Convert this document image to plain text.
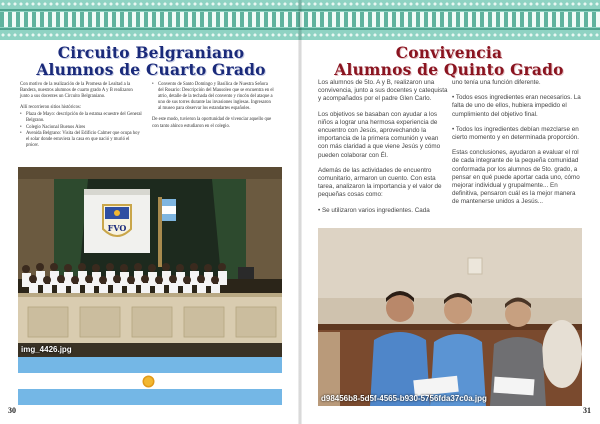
Circuito Belgraniano
Alumnos de Cuarto Grado

Con motivo de la realización de la Promesa de Lealtad a la Bandera, nuestros alumnos de cuarto grado A y B realizaron junto a sus docentes un Circuito Belgraniano.

Allí recorrieron sitios históricos:

• Plaza de Mayo: descripción de la estatua ecuestre del General Belgrano.
• Colegio Nacional Buenos Aires
• Avenida Belgrano: Visita del Edificio Calmer que ocupa hoy el solar donde estuviera la casa en que nació y murió el prócer.
• Convento de Santo Domingo y Basílica de Nuestra Señora del Rosario: Descripción del Mausoleo que se encuentra en el atrio, detalle de la techada del convento y rincón del ataque a uno de sus torres durante las invasiones inglesas. Ingresaron al museo para observar los estandartes españoles.

De este modo, tuvieron la oportunidad de vivenciar aquello que con tanto ahínco estudiaron en el colegio.

FVO
img_4426.jpg
30
Convivencia
Alumnos de Quinto Grado

Los alumnos de 5to. A y B, realizaron una convivencia, junto a sus docentes y catequista y acompañados por el padre Glen Carlo.

Los objetivos se basaban con ayudar a los niños a lograr una hermosa experiencia de encuentro con Jesús, aprovechando la importancia de la primera comunión y vean con más claridad a que viene Jesús y cómo pueden colaborar con Él.

Además de las actividades de encuentro comunitario, armaron un cuento. Con esta tarea, analizaron la importancia y el valor de pequeñas cosas como:

• Se utilizaron varios ingredientes. Cada

uno tenía una función diferente.

• Todos esos ingredientes eran necesarios. La falta de uno de ellos, hubiera impedido el cumplimiento del objetivo final.

• Todos los ingredientes debían mezclarse en cierto momento y en determinada proporción.

Estas conclusiones, ayudaron a evaluar el rol de cada integrante de la pequeña comunidad conformada por los alumnos de 5to. grado, a pensar en qué puede aportar cada uno, cómo mejorar individual y grupalmente... En definitiva, pensaron cuál es la mejor manera de mantenerse unidos a Jesús...

d98456b8-5d5f-4565-b930-5756fda37c0a.jpg
31
